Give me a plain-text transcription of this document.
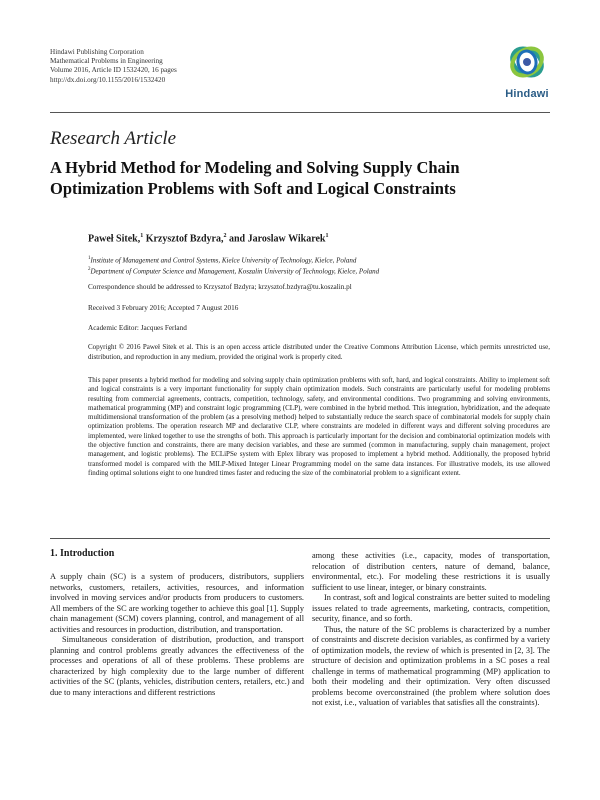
Hindawi Publishing Corporation
Mathematical Problems in Engineering
Volume 2016, Article ID 1532420, 16 pages
http://dx.doi.org/10.1155/2016/1532420
Hindawi
Research Article
A Hybrid Method for Modeling and Solving Supply Chain Optimization Problems with Soft and Logical Constraints
Paweł Sitek,$^1$ Krzysztof Bzdyra,$^2$ and Jaroslaw Wikarek$^1$
$^1$Institute of Management and Control Systems, Kielce University of Technology, Kielce, Poland
$^2$Department of Computer Science and Management, Koszalin University of Technology, Kielce, Poland
Correspondence should be addressed to Krzysztof Bzdyra; krzysztof.bzdyra@tu.koszalin.pl
Received 3 February 2016; Accepted 7 August 2016
Academic Editor: Jacques Ferland
Copyright © 2016 Paweł Sitek et al. This is an open access article distributed under the Creative Commons Attribution License, which permits unrestricted use, distribution, and reproduction in any medium, provided the original work is properly cited.
This paper presents a hybrid method for modeling and solving supply chain optimization problems with soft, hard, and logical constraints. Ability to implement soft and logical constraints is a very important functionality for supply chain optimization models. Such constraints are particularly useful for modeling problems resulting from commercial agreements, contracts, competition, technology, safety, and environmental conditions. Two programming and solving environments, mathematical programming (MP) and constraint logic programming (CLP), were combined in the hybrid method. This integration, hybridization, and the adequate multidimensional transformation of the problem (as a presolving method) helped to substantially reduce the search space of combinatorial models for supply chain optimization problems. The operation research MP and declarative CLP, where constraints are modeled in different ways and different solving procedures are implemented, were linked together to use the strengths of both. This approach is particularly important for the decision and combinatorial optimization models with the objective function and constraints, there are many decision variables, and these are summed (common in manufacturing, supply chain management, project management, and logistic problems). The ECLiPSe system with Eplex library was proposed to implement a hybrid method. Additionally, the proposed hybrid transformed model is compared with the MILP-Mixed Integer Linear Programming model on the same data instances. For illustrative models, its use allowed finding optimal solutions eight to one hundred times faster and reducing the size of the combinatorial problem to a significant extent.
1. Introduction

A supply chain (SC) is a system of producers, distributors, suppliers networks, customers, retailers, activities, resources, and information involved in moving services and/or products from producers to customers. All members of the SC are working together to achieve this goal [1]. Supply chain management (SCM) covers planning, control, and management of all activities and resources in production, distribution, and transportation.

Simultaneous consideration of distribution, production, and transport planning and control problems greatly advances the effectiveness of the processes and operations of all of these problems. These problems are characterized by high complexity due to the large number of different activities of the SC (plants, vehicles, distribution centers, retailers, etc.) and due to many interactions and different restrictions

among these activities (i.e., capacity, modes of transportation, relocation of distribution centers, nature of demand, balance, environmental, etc.). For modeling these restrictions it is usually sufficient to use linear, integer, or binary constraints.

In contrast, soft and logical constraints are better suited to modeling issues related to trade agreements, marketing, contracts, competition, security, finance, and so forth.

Thus, the nature of the SC problems is characterized by a number of constraints and discrete decision variables, as confirmed by a variety of optimization models, the review of which is presented in [2, 3]. The structure of decision and optimization problems in a SC poses a real challenge in terms of mathematical programming (MP) application to both their modeling and their optimization. Very often discussed problems become overconstrained (the problem where solution does not exist, i.e., valuation of variables that satisfies all the constraints).
